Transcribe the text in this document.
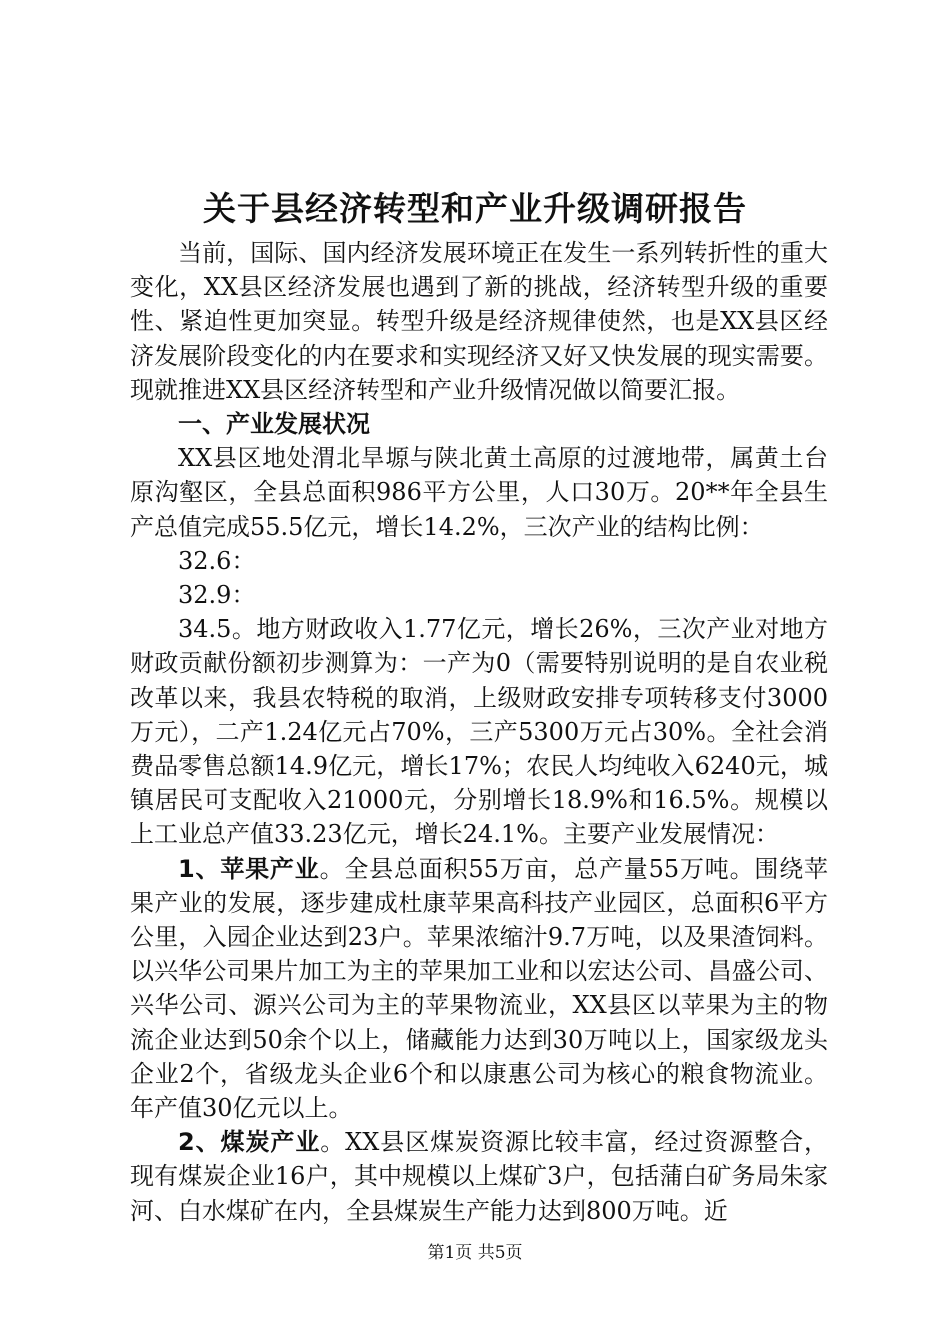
关于县经济转型和产业升级调研报告

当前，国际、国内经济发展环境正在发生一系列转折性的重大变化，XX县区经济发展也遇到了新的挑战，经济转型升级的重要性、紧迫性更加突显。转型升级是经济规律使然，也是XX县区经济发展阶段变化的内在要求和实现经济又好又快发展的现实需要。现就推进XX县区经济转型和产业升级情况做以简要汇报。

一、产业发展状况

XX县区地处渭北旱塬与陕北黄土高原的过渡地带，属黄土台原沟壑区，全县总面积986平方公里，人口30万。20**年全县生产总值完成55.5亿元，增长14.2%，三次产业的结构比例：

32.6：

32.9：

34.5。地方财政收入1.77亿元，增长26%，三次产业对地方财政贡献份额初步测算为：一产为0（需要特别说明的是自农业税改革以来，我县农特税的取消，上级财政安排专项转移支付3000万元），二产1.24亿元占70%，三产5300万元占30%。全社会消费品零售总额14.9亿元，增长17%；农民人均纯收入6240元，城镇居民可支配收入21000元，分别增长18.9%和16.5%。规模以上工业总产值33.23亿元，增长24.1%。主要产业发展情况：

1、苹果产业。全县总面积55万亩，总产量55万吨。围绕苹果产业的发展，逐步建成杜康苹果高科技产业园区，总面积6平方公里，入园企业达到23户。苹果浓缩汁9.7万吨，以及果渣饲料。以兴华公司果片加工为主的苹果加工业和以宏达公司、昌盛公司、兴华公司、源兴公司为主的苹果物流业，XX县区以苹果为主的物流企业达到50余个以上，储藏能力达到30万吨以上，国家级龙头企业2个，省级龙头企业6个和以康惠公司为核心的粮食物流业。年产值30亿元以上。

2、煤炭产业。XX县区煤炭资源比较丰富，经过资源整合，现有煤炭企业16户，其中规模以上煤矿3户，包括蒲白矿务局朱家河、白水煤矿在内，全县煤炭生产能力达到800万吨。近

第1页 共5页
